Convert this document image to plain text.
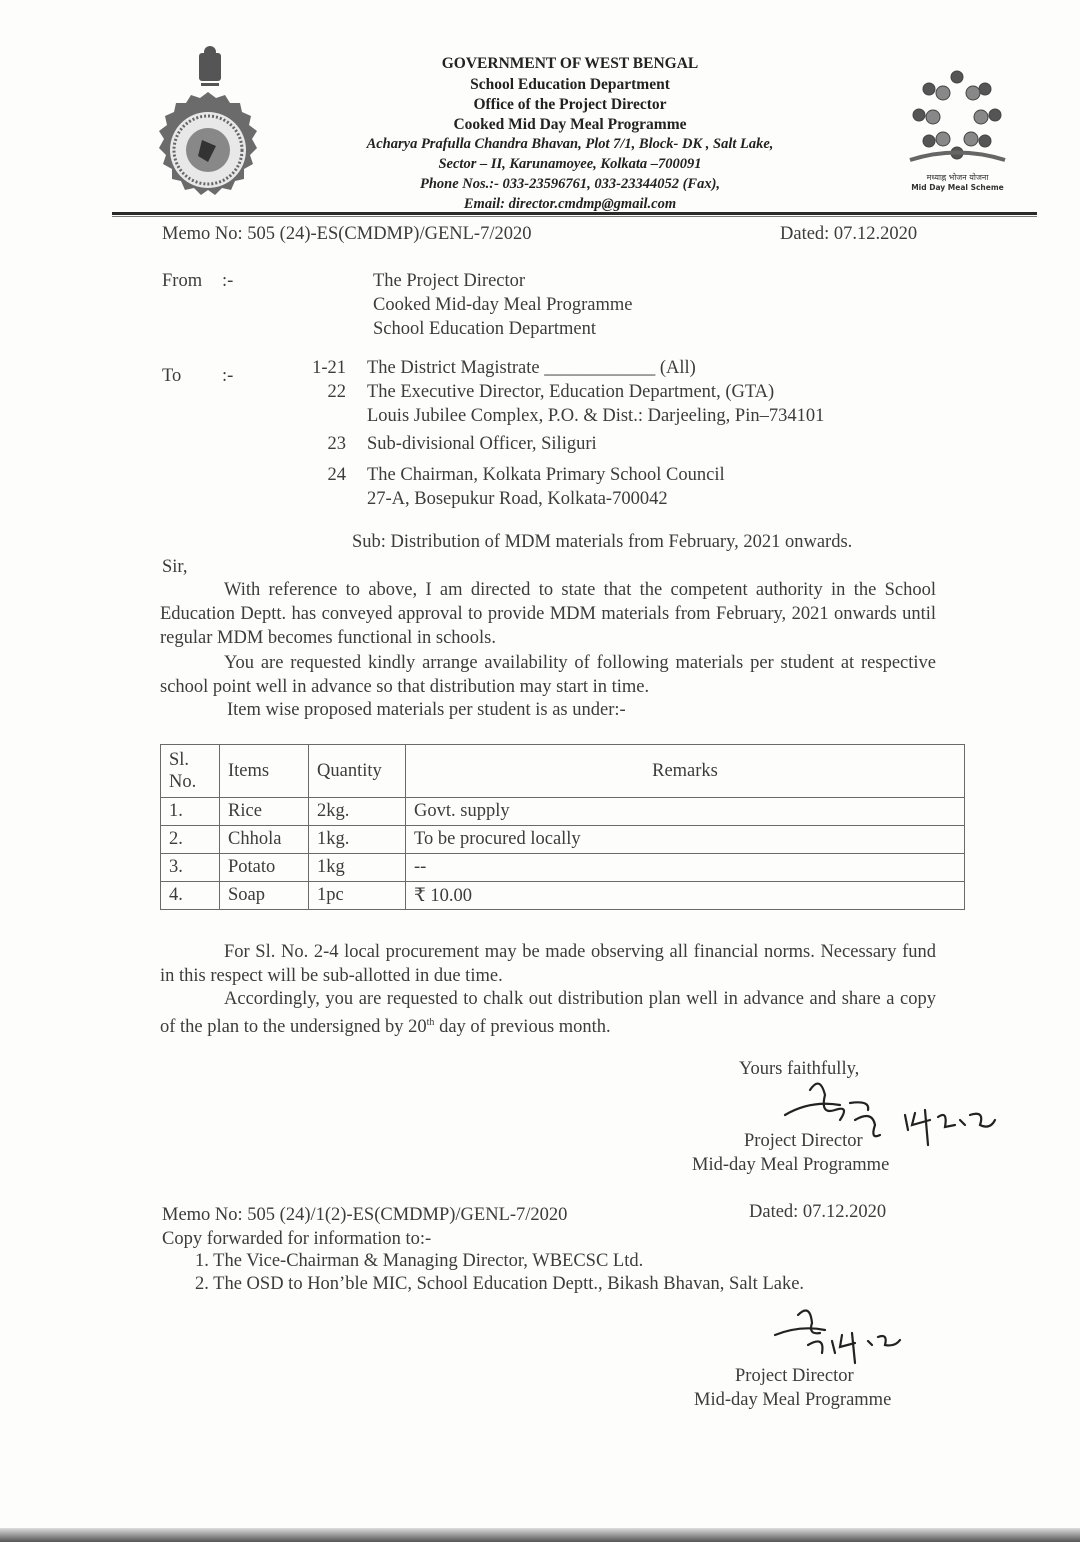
GOVERNMENT OF WEST BENGAL
School Education Department
Office of the Project Director
Cooked Mid Day Meal Programme
Acharya Prafulla Chandra Bhavan, Plot 7/1, Block- DK , Salt Lake,
Sector – II, Karunamoyee, Kolkata –700091
Phone Nos.:- 033-23596761, 033-23344052 (Fax),
Email: director.cmdmp@gmail.com
मध्याह्न भोजन योजना
Mid Day Meal Scheme
Memo No: 505 (24)-ES(CMDMP)/GENL-7/2020	Dated: 07.12.2020
From :-	The Project Director
Cooked Mid-day Meal Programme
School Education Department
To :-	1-21 The District Magistrate ____________ (All)
22 The Executive Director, Education Department, (GTA)
Louis Jubilee Complex, P.O. & Dist.: Darjeeling, Pin–734101
23 Sub-divisional Officer, Siliguri
24 The Chairman, Kolkata Primary School Council
27-A, Bosepukur Road, Kolkata-700042
Sub: Distribution of MDM materials from February, 2021 onwards.
Sir,
With reference to above, I am directed to state that the competent authority in the School Education Deptt. has conveyed approval to provide MDM materials from February, 2021 onwards until regular MDM becomes functional in schools.
You are requested kindly arrange availability of following materials per student at respective school point well in advance so that distribution may start in time.
Item wise proposed materials per student is as under:-
Sl. No.	Items	Quantity	Remarks
1.	Rice	2kg.	Govt. supply
2.	Chhola	1kg.	To be procured locally
3.	Potato	1kg	--
4.	Soap	1pc	₹ 10.00
For Sl. No. 2-4 local procurement may be made observing all financial norms. Necessary fund in this respect will be sub-allotted in due time.
Accordingly, you are requested to chalk out distribution plan well in advance and share a copy of the plan to the undersigned by 20th day of previous month.
Yours faithfully,
Project Director
Mid-day Meal Programme
Memo No: 505 (24)/1(2)-ES(CMDMP)/GENL-7/2020	Dated: 07.12.2020
Copy forwarded for information to:-
1. The Vice-Chairman & Managing Director, WBECSC Ltd.
2. The OSD to Hon’ble MIC, School Education Deptt., Bikash Bhavan, Salt Lake.
Project Director
Mid-day Meal Programme
